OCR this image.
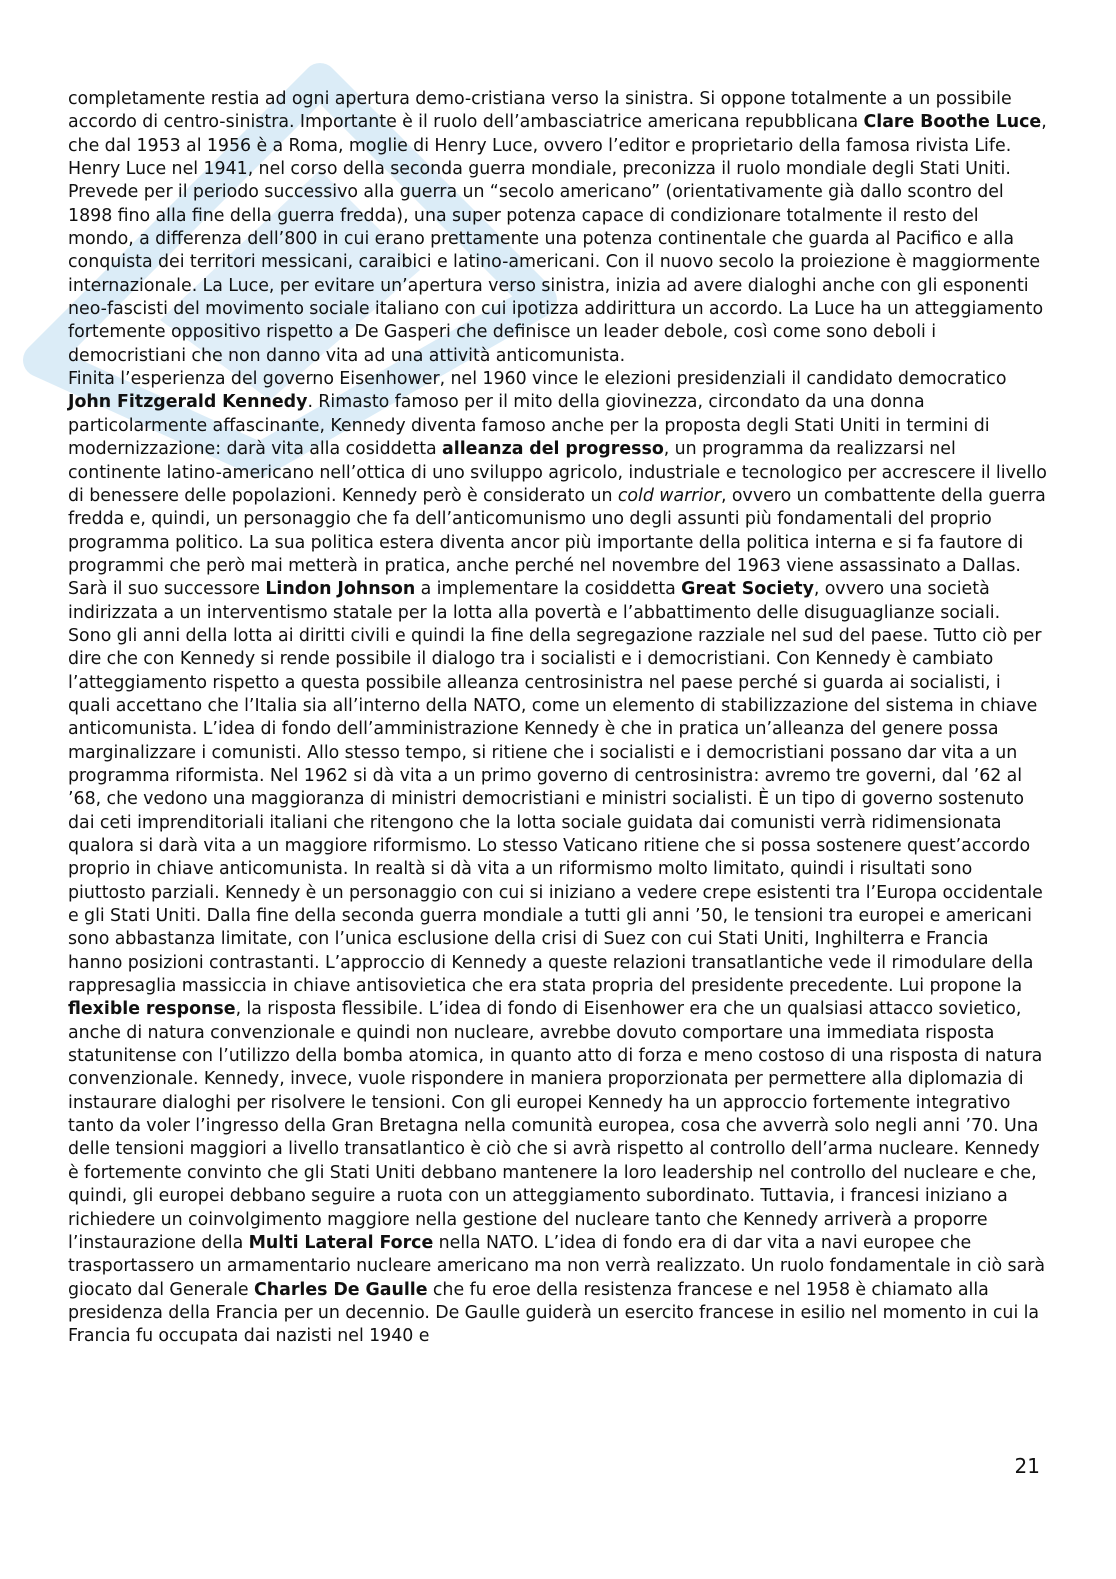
completamente restia ad ogni apertura demo-cristiana verso la sinistra. Si oppone totalmente a un possibile accordo di centro-sinistra. Importante è il ruolo dell’ambasciatrice americana repubblicana Clare Boothe Luce, che dal 1953 al 1956 è a Roma, moglie di Henry Luce, ovvero l’editor e proprietario della famosa rivista Life. Henry Luce nel 1941, nel corso della seconda guerra mondiale, preconizza il ruolo mondiale degli Stati Uniti. Prevede per il periodo successivo alla guerra un “secolo americano” (orientativamente già dallo scontro del 1898 fino alla fine della guerra fredda), una super potenza capace di condizionare totalmente il resto del mondo, a differenza dell’800 in cui erano prettamente una potenza continentale che guarda al Pacifico e alla conquista dei territori messicani, caraibici e latino-americani. Con il nuovo secolo la proiezione è maggiormente internazionale. La Luce, per evitare un’apertura verso sinistra, inizia ad avere dialoghi anche con gli esponenti neo-fascisti del movimento sociale italiano con cui ipotizza addirittura un accordo. La Luce ha un atteggiamento fortemente oppositivo rispetto a De Gasperi che definisce un leader debole, così come sono deboli i democristiani che non danno vita ad una attività anticomunista.

Finita l’esperienza del governo Eisenhower, nel 1960 vince le elezioni presidenziali il candidato democratico John Fitzgerald Kennedy. Rimasto famoso per il mito della giovinezza, circondato da una donna particolarmente affascinante, Kennedy diventa famoso anche per la proposta degli Stati Uniti in termini di modernizzazione: darà vita alla cosiddetta alleanza del progresso, un programma da realizzarsi nel continente latino-americano nell’ottica di uno sviluppo agricolo, industriale e tecnologico per accrescere il livello di benessere delle popolazioni. Kennedy però è considerato un cold warrior, ovvero un combattente della guerra fredda e, quindi, un personaggio che fa dell’anticomunismo uno degli assunti più fondamentali del proprio programma politico. La sua politica estera diventa ancor più importante della politica interna e si fa fautore di programmi che però mai metterà in pratica, anche perché nel novembre del 1963 viene assassinato a Dallas. Sarà il suo successore Lindon Johnson a implementare la cosiddetta Great Society, ovvero una società indirizzata a un interventismo statale per la lotta alla povertà e l’abbattimento delle disuguaglianze sociali. Sono gli anni della lotta ai diritti civili e quindi la fine della segregazione razziale nel sud del paese. Tutto ciò per dire che con Kennedy si rende possibile il dialogo tra i socialisti e i democristiani. Con Kennedy è cambiato l’atteggiamento rispetto a questa possibile alleanza centrosinistra nel paese perché si guarda ai socialisti, i quali accettano che l’Italia sia all’interno della NATO, come un elemento di stabilizzazione del sistema in chiave anticomunista. L’idea di fondo dell’amministrazione Kennedy è che in pratica un’alleanza del genere possa marginalizzare i comunisti. Allo stesso tempo, si ritiene che i socialisti e i democristiani possano dar vita a un programma riformista. Nel 1962 si dà vita a un primo governo di centrosinistra: avremo tre governi, dal ’62 al ’68, che vedono una maggioranza di ministri democristiani e ministri socialisti. È un tipo di governo sostenuto dai ceti imprenditoriali italiani che ritengono che la lotta sociale guidata dai comunisti verrà ridimensionata qualora si darà vita a un maggiore riformismo. Lo stesso Vaticano ritiene che si possa sostenere quest’accordo proprio in chiave anticomunista. In realtà si dà vita a un riformismo molto limitato, quindi i risultati sono piuttosto parziali. Kennedy è un personaggio con cui si iniziano a vedere crepe esistenti tra l’Europa occidentale e gli Stati Uniti. Dalla fine della seconda guerra mondiale a tutti gli anni ’50, le tensioni tra europei e americani sono abbastanza limitate, con l’unica esclusione della crisi di Suez con cui Stati Uniti, Inghilterra e Francia hanno posizioni contrastanti. L’approccio di Kennedy a queste relazioni transatlantiche vede il rimodulare della rappresaglia massiccia in chiave antisovietica che era stata propria del presidente precedente. Lui propone la flexible response, la risposta flessibile. L’idea di fondo di Eisenhower era che un qualsiasi attacco sovietico, anche di natura convenzionale e quindi non nucleare, avrebbe dovuto comportare una immediata risposta statunitense con l’utilizzo della bomba atomica, in quanto atto di forza e meno costoso di una risposta di natura convenzionale. Kennedy, invece, vuole rispondere in maniera proporzionata per permettere alla diplomazia di instaurare dialoghi per risolvere le tensioni. Con gli europei Kennedy ha un approccio fortemente integrativo tanto da voler l’ingresso della Gran Bretagna nella comunità europea, cosa che avverrà solo negli anni ’70. Una delle tensioni maggiori a livello transatlantico è ciò che si avrà rispetto al controllo dell’arma nucleare. Kennedy è fortemente convinto che gli Stati Uniti debbano mantenere la loro leadership nel controllo del nucleare e che, quindi, gli europei debbano seguire a ruota con un atteggiamento subordinato. Tuttavia, i francesi iniziano a richiedere un coinvolgimento maggiore nella gestione del nucleare tanto che Kennedy arriverà a proporre l’instaurazione della Multi Lateral Force nella NATO. L’idea di fondo era di dar vita a navi europee che trasportassero un armamentario nucleare americano ma non verrà realizzato. Un ruolo fondamentale in ciò sarà giocato dal Generale Charles De Gaulle che fu eroe della resistenza francese e nel 1958 è chiamato alla presidenza della Francia per un decennio. De Gaulle guiderà un esercito francese in esilio nel momento in cui la Francia fu occupata dai nazisti nel 1940 e

21
